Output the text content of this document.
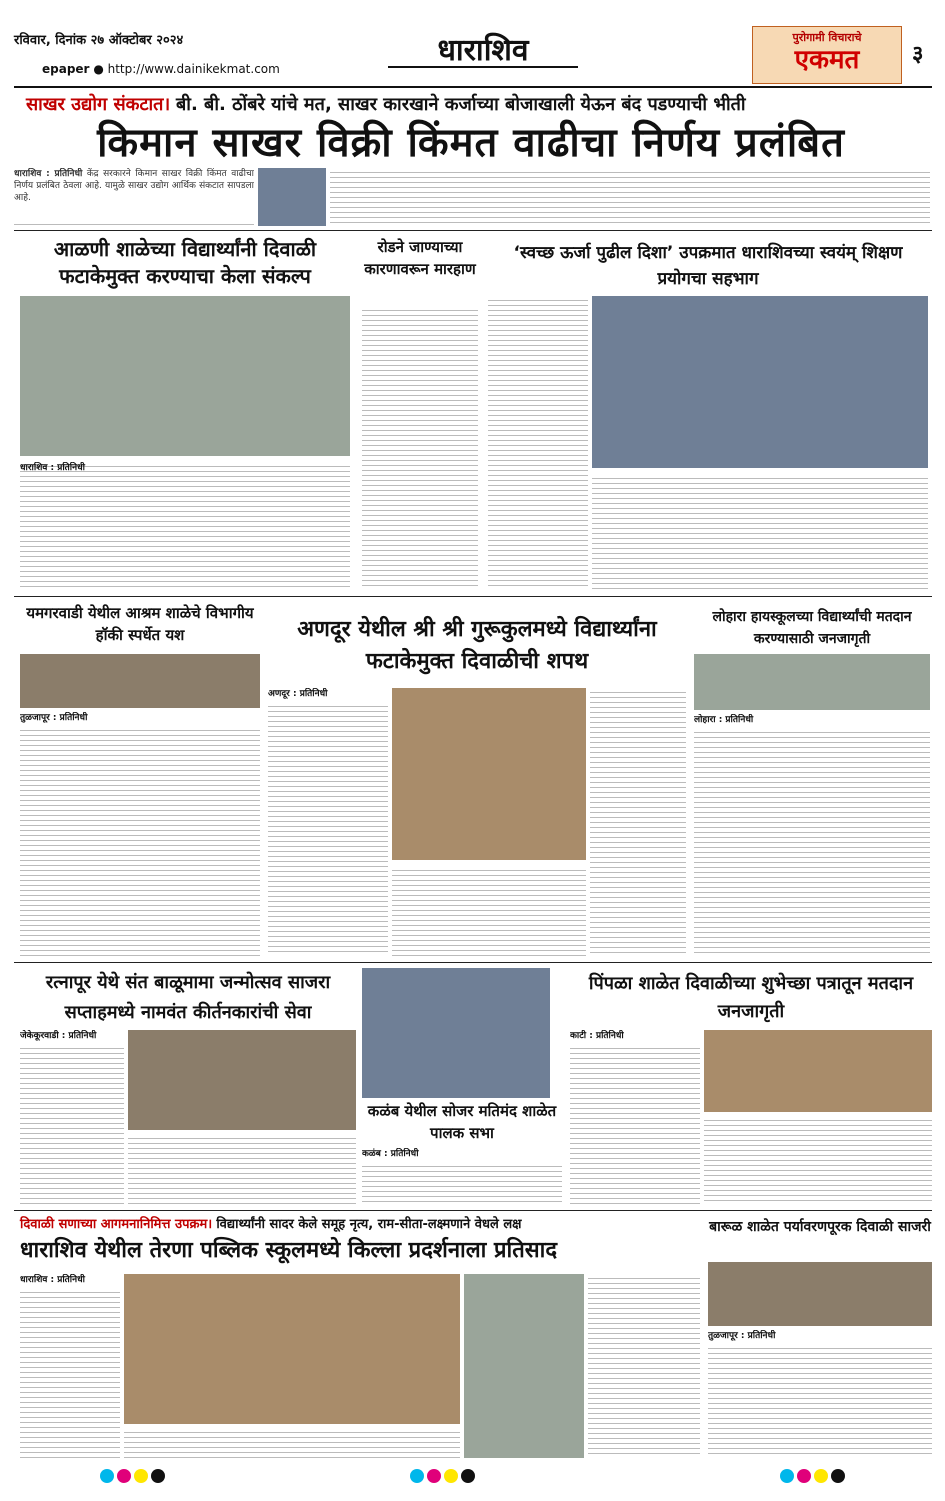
रविवार, दिनांक २७ ऑक्टोबर २०२४
epaper ● http://www.dainikekmat.com
धाराशिव	पुरोगामी विचाराचे
एकमत	३
साखर उद्योग संकटात। बी. बी. ठोंबरे यांचे मत, साखर कारखाने कर्जाच्या बोजाखाली येऊन बंद पडण्याची भीती
किमान साखर विक्री किंमत वाढीचा निर्णय प्रलंबित
धाराशिव : प्रतिनिधी केंद्र सरकारने किमान साखर विक्री किंमत वाढीचा निर्णय प्रलंबित ठेवला आहे. यामुळे साखर उद्योग आर्थिक संकटात सापडला आहे.
आळणी शाळेच्या विद्यार्थ्यांनी दिवाळी फटाकेमुक्त करण्याचा केला संकल्प
धाराशिव : प्रतिनिधी
रोडने जाण्याच्या कारणावरून मारहाण
‘स्वच्छ ऊर्जा पुढील दिशा’ उपक्रमात धाराशिवच्या स्वयंम् शिक्षण प्रयोगचा सहभाग
यमगरवाडी येथील आश्रम शाळेचे विभागीय हॉकी स्पर्धेत यश
तुळजापूर : प्रतिनिधी
अणदूर येथील श्री श्री गुरूकुलमध्ये विद्यार्थ्यांना फटाकेमुक्त दिवाळीची शपथ
अणदूर : प्रतिनिधी
लोहारा हायस्कूलच्या विद्यार्थ्यांची मतदान करण्यासाठी जनजागृती
लोहारा : प्रतिनिधी
रत्नापूर येथे संत बाळूमामा जन्मोत्सव साजरा सप्ताहमध्ये नामवंत कीर्तनकारांची सेवा
जेकेकूरवाडी : प्रतिनिधी
कळंब येथील सोजर मतिमंद शाळेत पालक सभा
कळंब : प्रतिनिधी
पिंपळा शाळेत दिवाळीच्या शुभेच्छा पत्रातून मतदान जनजागृती
काटी : प्रतिनिधी
दिवाळी सणाच्या आगमनानिमित्त उपक्रम। विद्यार्थ्यांनी सादर केले समूह नृत्य, राम-सीता-लक्ष्मणाने वेधले लक्ष
धाराशिव येथील तेरणा पब्लिक स्कूलमध्ये किल्ला प्रदर्शनाला प्रतिसाद
धाराशिव : प्रतिनिधी
बारूळ शाळेत पर्यावरणपूरक दिवाळी साजरी
तुळजापूर : प्रतिनिधी
